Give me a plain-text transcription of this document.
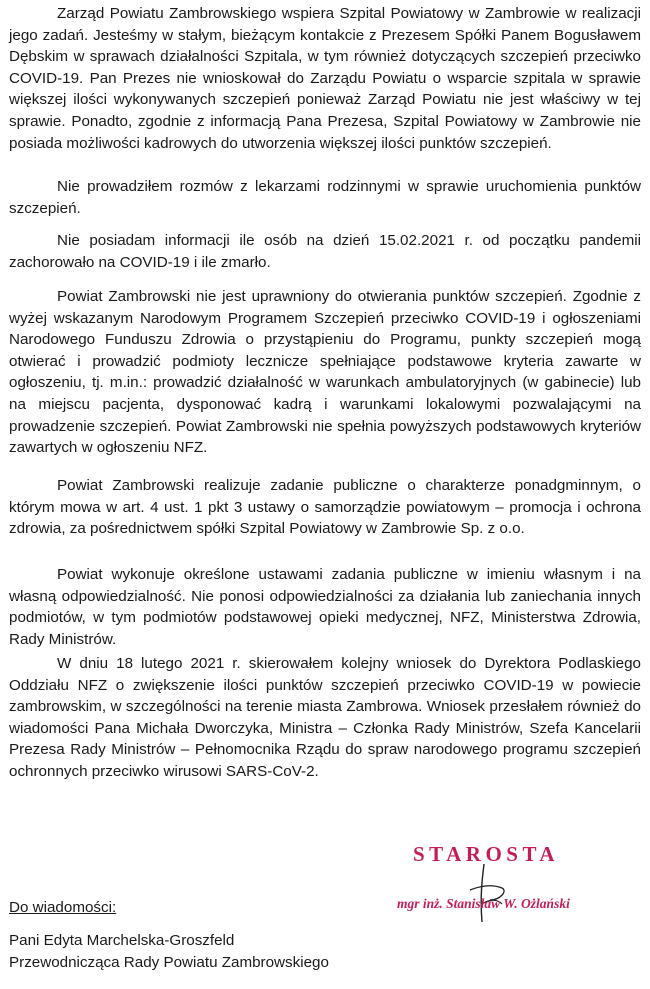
Zarząd Powiatu Zambrowskiego wspiera Szpital Powiatowy w Zambrowie w realizacji jego zadań. Jesteśmy w stałym, bieżącym kontakcie z Prezesem Spółki Panem Bogusławem Dębskim w sprawach działalności Szpitala, w tym również dotyczących szczepień przeciwko COVID-19. Pan Prezes nie wnioskował do Zarządu Powiatu o wsparcie szpitala w sprawie większej ilości wykonywanych szczepień ponieważ Zarząd Powiatu nie jest właściwy w tej sprawie. Ponadto, zgodnie z informacją Pana Prezesa, Szpital Powiatowy w Zambrowie nie posiada możliwości kadrowych do utworzenia większej ilości punktów szczepień.

Nie prowadziłem rozmów z lekarzami rodzinnymi w sprawie uruchomienia punktów szczepień.

Nie posiadam informacji ile osób na dzień 15.02.2021 r. od początku pandemii zachorowało na COVID-19 i ile zmarło.

Powiat Zambrowski nie jest uprawniony do otwierania punktów szczepień. Zgodnie z wyżej wskazanym Narodowym Programem Szczepień przeciwko COVID-19 i ogłoszeniami Narodowego Funduszu Zdrowia o przystąpieniu do Programu, punkty szczepień mogą otwierać i prowadzić podmioty lecznicze spełniające podstawowe kryteria zawarte w ogłoszeniu, tj. m.in.: prowadzić działalność w warunkach ambulatoryjnych (w gabinecie) lub na miejscu pacjenta, dysponować kadrą i warunkami lokalowymi pozwalającymi na prowadzenie szczepień. Powiat Zambrowski nie spełnia powyższych podstawowych kryteriów zawartych w ogłoszeniu NFZ.

Powiat Zambrowski realizuje zadanie publiczne o charakterze ponadgminnym, o którym mowa w art. 4 ust. 1 pkt 3 ustawy o samorządzie powiatowym – promocja i ochrona zdrowia, za pośrednictwem spółki Szpital Powiatowy w Zambrowie Sp. z o.o.

Powiat wykonuje określone ustawami zadania publiczne w imieniu własnym i na własną odpowiedzialność. Nie ponosi odpowiedzialności za działania lub zaniechania innych podmiotów, w tym podmiotów podstawowej opieki medycznej, NFZ, Ministerstwa Zdrowia, Rady Ministrów.

W dniu 18 lutego 2021 r. skierowałem kolejny wniosek do Dyrektora Podlaskiego Oddziału NFZ o zwiększenie ilości punktów szczepień przeciwko COVID-19 w powiecie zambrowskim, w szczególności na terenie miasta Zambrowa. Wniosek przesłałem również do wiadomości Pana Michała Dworczyka, Ministra – Członka Rady Ministrów, Szefa Kancelarii Prezesa Rady Ministrów – Pełnomocnika Rządu do spraw narodowego programu szczepień ochronnych przeciwko wirusowi SARS-CoV-2.

STAROSTA
mgr inż. Stanisław W. Ożlański
Do wiadomości:
Pani Edyta Marchelska-Groszfeld
Przewodnicząca Rady Powiatu Zambrowskiego
